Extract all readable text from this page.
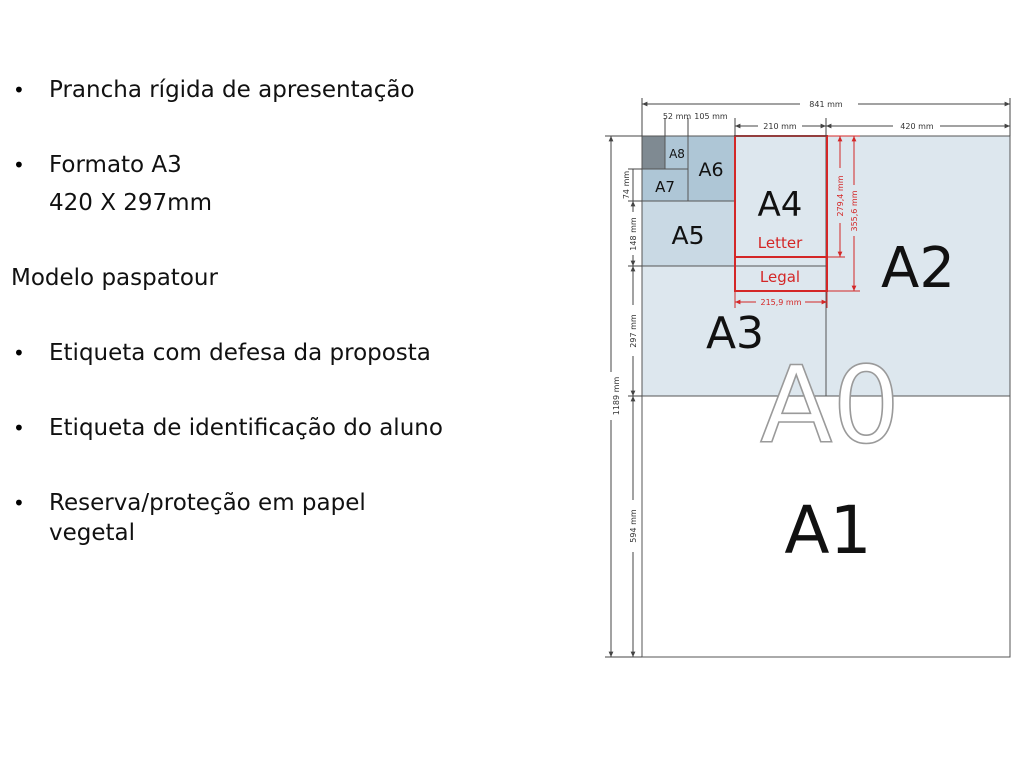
• Prancha rígida de apresentação
• Formato A3
420 X 297mm
Modelo paspatour
• Etiqueta com defesa da proposta
• Etiqueta de identificação do aluno
• Reserva/proteção em papel
vegetal
A0
A1
A2
A3
A4
A5
A6
A7
A8
Letter
Legal
841 mm
52 mm 105 mm
210 mm	420 mm
1189 mm
74 mm
148 mm
297 mm
594 mm
279,4 mm 355,6 mm
215,9 mm
